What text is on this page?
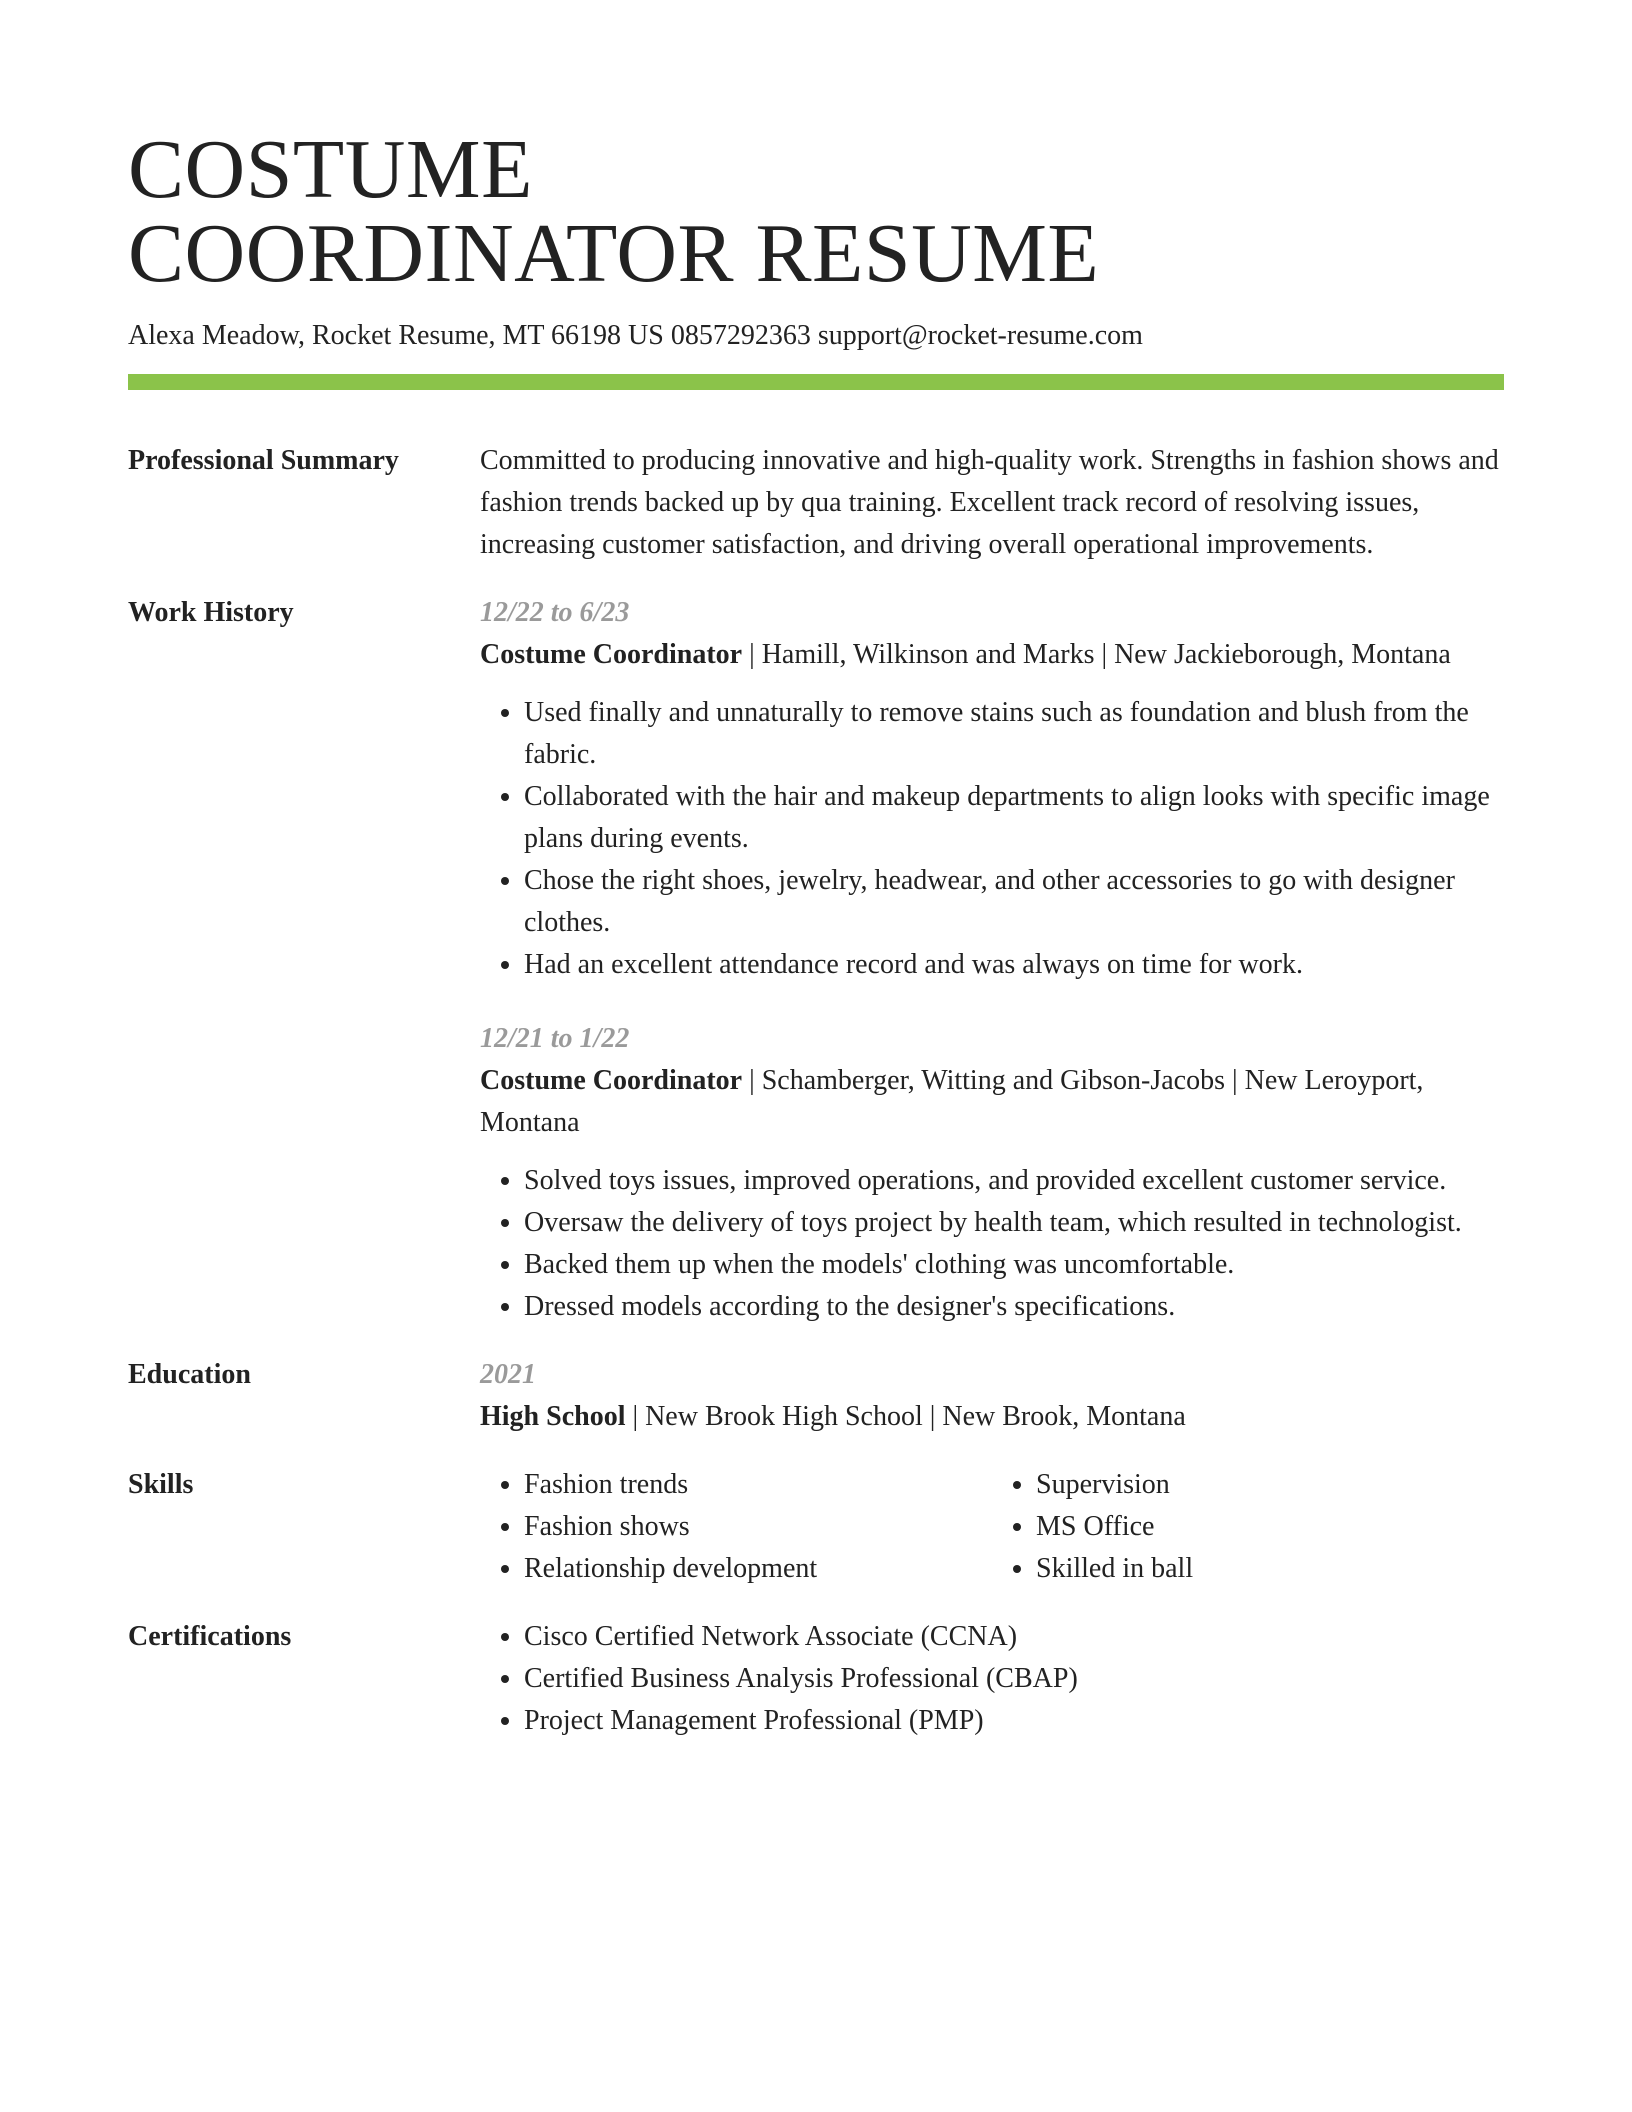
COSTUME
COORDINATOR RESUME
Alexa Meadow, Rocket Resume, MT 66198 US 0857292363 support@rocket-resume.com
Professional Summary	Committed to producing innovative and high-quality work. Strengths in fashion shows and fashion trends backed up by qua training. Excellent track record of resolving issues, increasing customer satisfaction, and driving overall operational improvements.

Work History	12/22 to 6/23

Costume Coordinator | Hamill, Wilkinson and Marks | New Jackieborough, Montana

• Used finally and unnaturally to remove stains such as foundation and blush from the fabric.
• Collaborated with the hair and makeup departments to align looks with specific image plans during events.
• Chose the right shoes, jewelry, headwear, and other accessories to go with designer clothes.
• Had an excellent attendance record and was always on time for work.
12/21 to 1/22

Costume Coordinator | Schamberger, Witting and Gibson-Jacobs | New Leroyport, Montana

• Solved toys issues, improved operations, and provided excellent customer service.
• Oversaw the delivery of toys project by health team, which resulted in technologist.
• Backed them up when the models' clothing was uncomfortable.
• Dressed models according to the designer's specifications.
Education	2021

High School | New Brook High School | New Brook, Montana

Skills	• Fashion trends
• Fashion shows
• Relationship development
• Supervision
• MS Office
• Skilled in ball
Certifications	• Cisco Certified Network Associate (CCNA)
• Certified Business Analysis Professional (CBAP)
• Project Management Professional (PMP)
